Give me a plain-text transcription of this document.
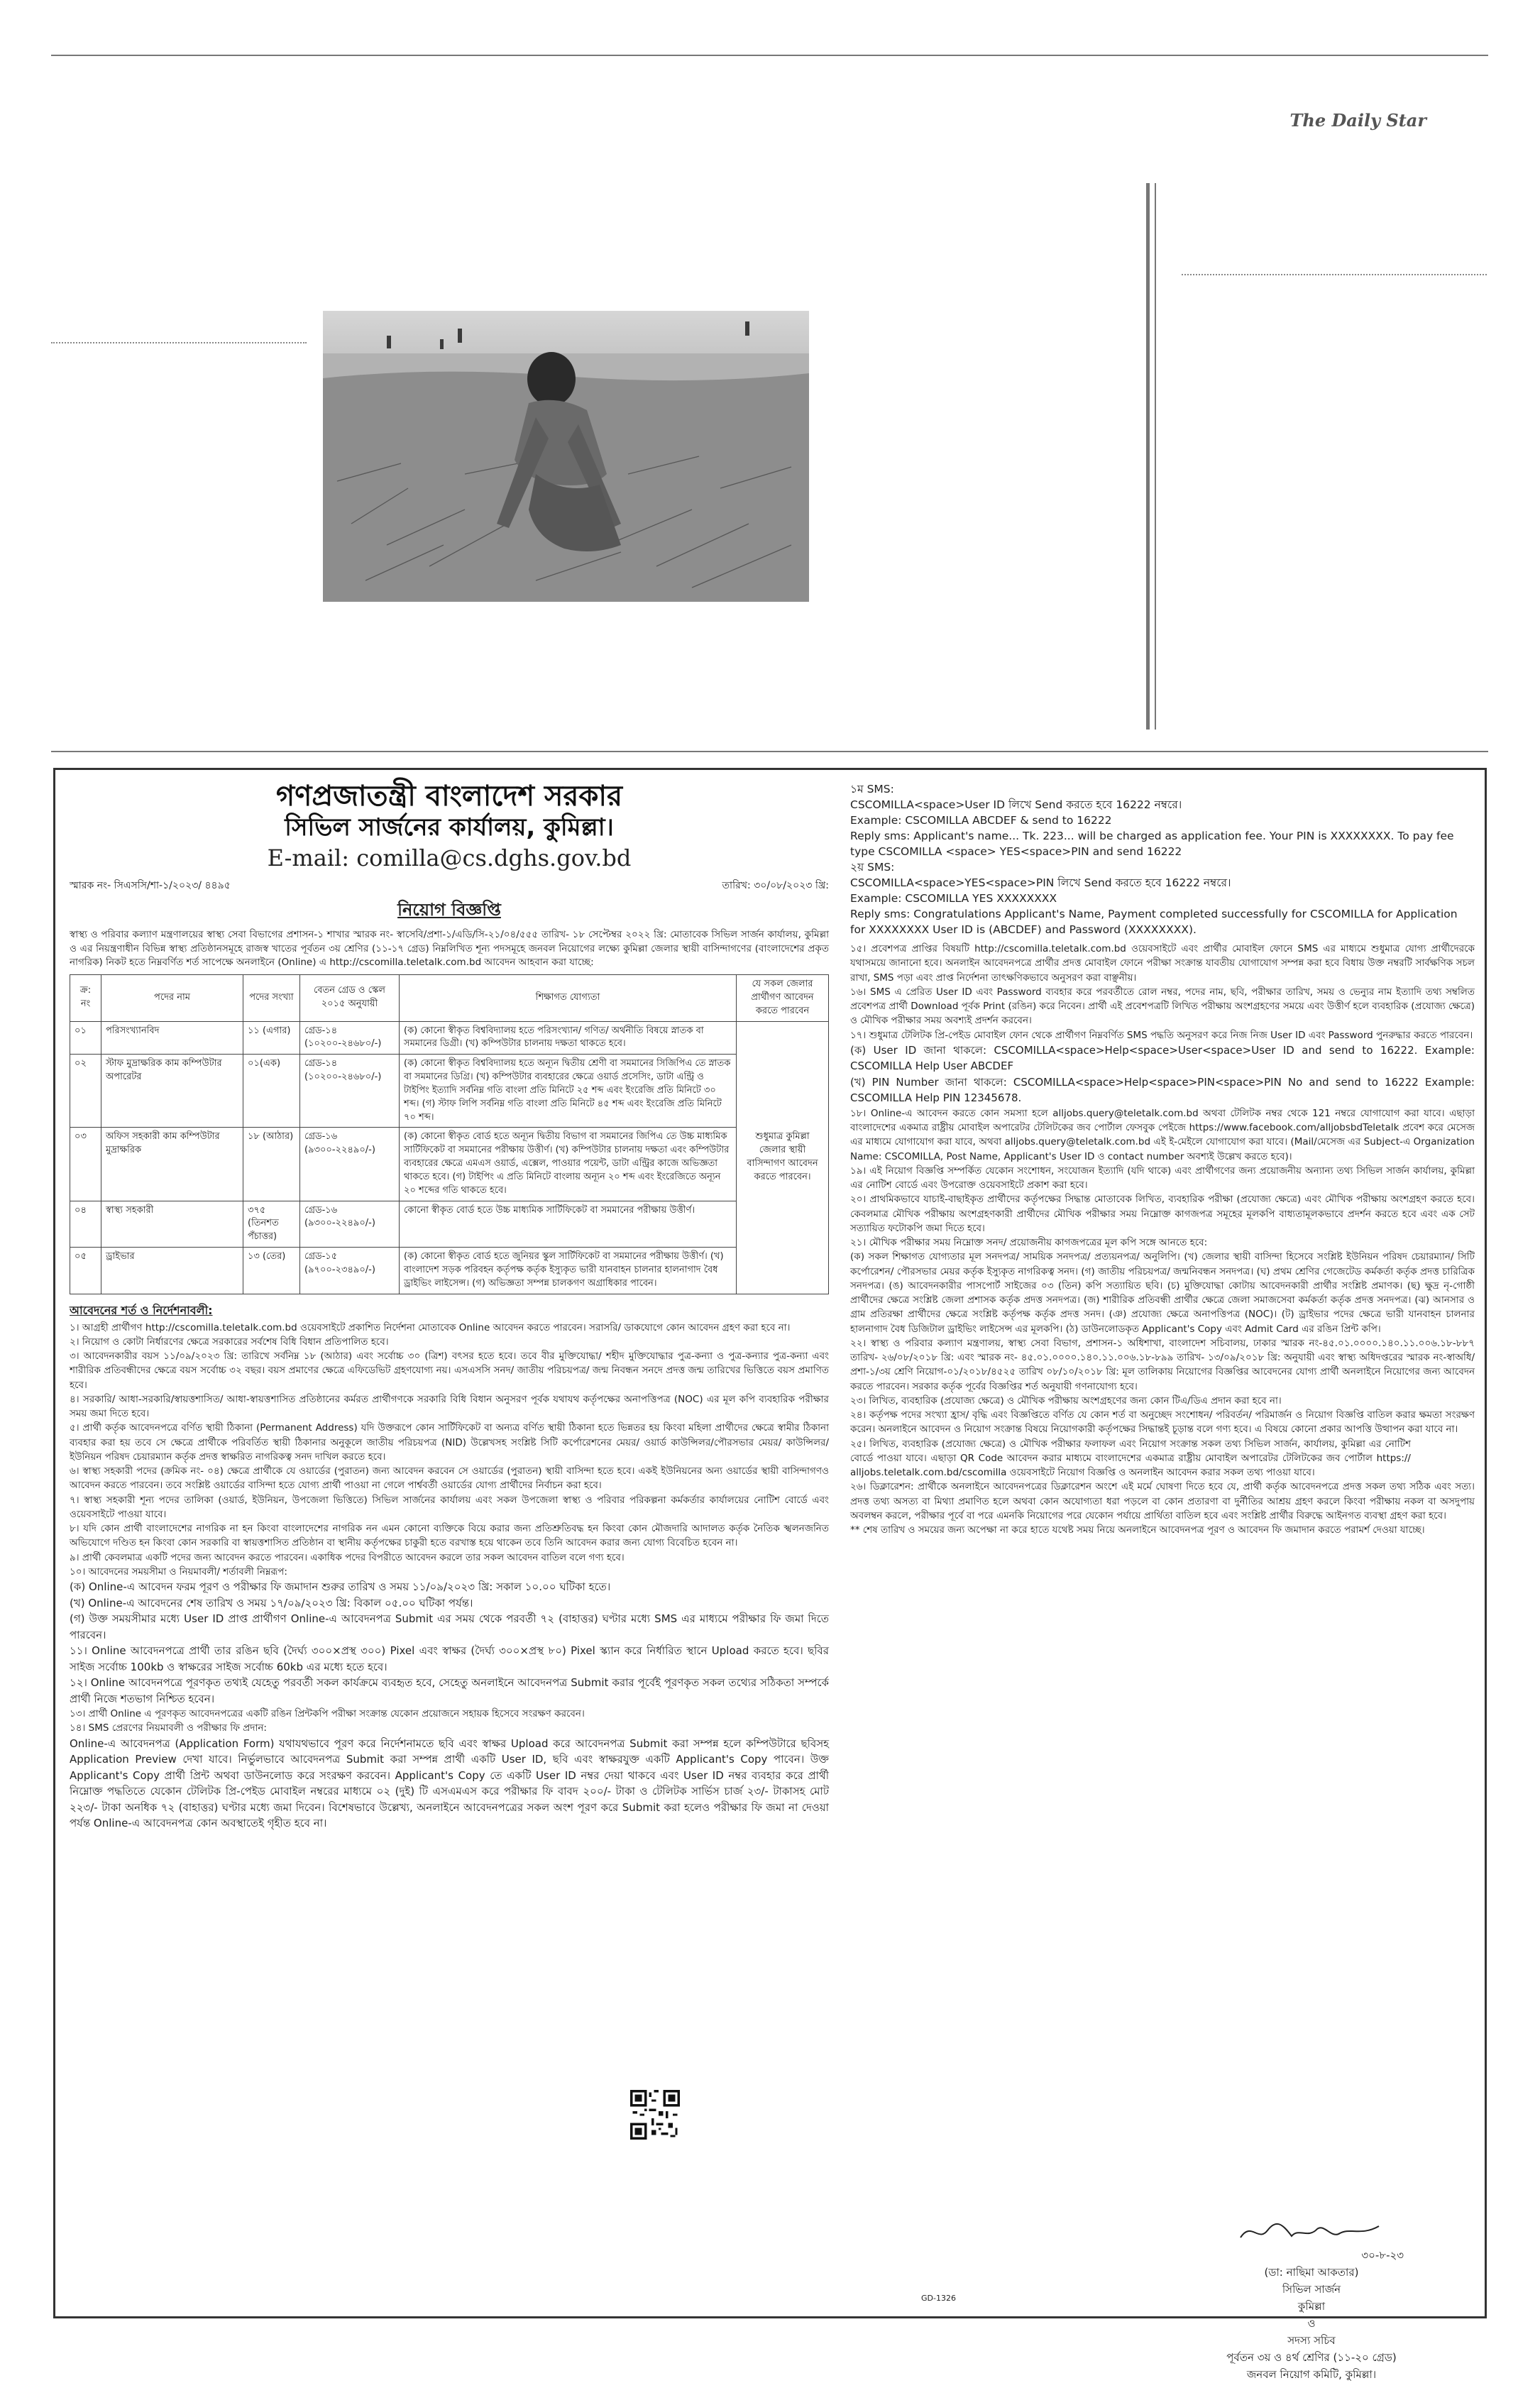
The Daily Star
গণপ্রজাতন্ত্রী বাংলাদেশ সরকার
সিভিল সার্জনের কার্যালয়, কুমিল্লা।
E-mail: comilla@cs.dghs.gov.bd
স্মারক নং- সিএসসি/শা-১/২০২৩/ ৪৪৯৫	তারিখ: ৩০/০৮/২০২৩ খ্রি:
নিয়োগ বিজ্ঞপ্তি
স্বাস্থ্য ও পরিবার কল্যাণ মন্ত্রণালয়ের স্বাস্থ্য সেবা বিভাগের প্রশাসন-১ শাখার স্মারক নং- স্বাসেবি/প্রশা-১/এডি/সি-২১/০৪/৫৫৫ তারিখ- ১৮ সেপ্টেম্বর ২০২২ খ্রি: মোতাবেক সিভিল সার্জন কার্যালয়, কুমিল্লা ও এর নিয়ন্ত্রণাধীন বিভিন্ন স্বাস্থ্য প্রতিষ্ঠানসমূহে রাজস্ব খাতের পূর্বতন ৩য় শ্রেণির (১১-১৭ গ্রেড) নিম্নলিখিত শূন্য পদসমূহে জনবল নিয়োগের লক্ষ্যে কুমিল্লা জেলার স্থায়ী বাসিন্দাগণের (বাংলাদেশের প্রকৃত নাগরিক) নিকট হতে নিম্নবর্ণিত শর্ত সাপেক্ষে অনলাইনে (Online) এ http://cscomilla.teletalk.com.bd আবেদন আহবান করা যাচ্ছে:
ক্র: নং	পদের নাম	পদের সংখ্যা	বেতন গ্রেড ও স্কেল ২০১৫ অনুযায়ী	শিক্ষাগত যোগ্যতা	যে সকল জেলার প্রার্থীগণ আবেদন করতে পারবেন
০১	পরিসংখ্যানবিদ	১১ (এগার)	গ্রেড-১৪ (১০২০০-২৪৬৮০/-)	(ক) কোনো স্বীকৃত বিশ্ববিদ্যালয় হতে পরিসংখ্যান/ গণিত/ অর্থনীতি বিষয়ে স্নাতক বা সমমানের ডিগ্রী। (খ) কম্পিউটার চালনায় দক্ষতা থাকতে হবে।	শুধুমাত্র কুমিল্লা জেলার স্থায়ী বাসিন্দাগণ আবেদন করতে পারবেন।
০২	স্টাফ মুদ্রাক্ষরিক কাম কম্পিউটার অপারেটর	০১(এক)	গ্রেড-১৪ (১০২০০-২৪৬৮০/-)	(ক) কোনো স্বীকৃত বিশ্ববিদ্যালয় হতে অন্যূন দ্বিতীয় শ্রেণী বা সমমানের সিজিপিএ তে স্নাতক বা সমমানের ডিগ্রি। (খ) কম্পিউটার ব্যবহারের ক্ষেত্রে ওয়ার্ড প্রসেসিং, ডাটা এন্ট্রি ও টাইপিং ইত্যাদি সর্বনিম্ন গতি বাংলা প্রতি মিনিটে ২৫ শব্দ এবং ইংরেজি প্রতি মিনিটে ৩০ শব্দ। (গ) স্টাফ লিপি সর্বনিম্ন গতি বাংলা প্রতি মিনিটে ৪৫ শব্দ এবং ইংরেজি প্রতি মিনিটে ৭০ শব্দ।	
০৩	অফিস সহকারী কাম কম্পিউটার মুদ্রাক্ষরিক	১৮ (আঠার)	গ্রেড-১৬ (৯৩০০-২২৪৯০/-)	(ক) কোনো স্বীকৃত বোর্ড হতে অন্যূন দ্বিতীয় বিভাগ বা সমমানের জিপিএ তে উচ্চ মাধ্যমিক সার্টিফিকেট বা সমমানের পরীক্ষায় উত্তীর্ণ। (খ) কম্পিউটার চালনায় দক্ষতা এবং কম্পিউটার ব্যবহারের ক্ষেত্রে এমএস ওয়ার্ড, এক্সেল, পাওয়ার পয়েন্ট, ডাটা এন্ট্রির কাজে অভিজ্ঞতা থাকতে হবে। (গ) টাইপিং এ প্রতি মিনিটে বাংলায় অন্যূন ২০ শব্দ এবং ইংরেজিতে অন্যূন ২০ শব্দের গতি থাকতে হবে।	
০৪	স্বাস্থ্য সহকারী	৩৭৫ (তিনশত পঁচাত্তর)	গ্রেড-১৬ (৯৩০০-২২৪৯০/-)	কোনো স্বীকৃত বোর্ড হতে উচ্চ মাধ্যমিক সার্টিফিকেট বা সমমানের পরীক্ষায় উত্তীর্ণ।	
০৫	ড্রাইভার	১৩ (তের)	গ্রেড-১৫ (৯৭০০-২৩৪৯০/-)	(ক) কোনো স্বীকৃত বোর্ড হতে জুনিয়র স্কুল সার্টিফিকেট বা সমমানের পরীক্ষায় উত্তীর্ণ। (খ) বাংলাদেশ সড়ক পরিবহন কর্তৃপক্ষ কর্তৃক ইস্যুকৃত ভারী যানবাহন চালনার হালনাগাদ বৈধ ড্রাইভিং লাইসেন্স। (গ) অভিজ্ঞতা সম্পন্ন চালকগণ অগ্রাধিকার পাবেন।	
আবেদনের শর্ত ও নির্দেশনাবলী:

১। আগ্রহী প্রার্থীগণ http://cscomilla.teletalk.com.bd ওয়েবসাইটে প্রকাশিত নির্দেশনা মোতাবেক Online আবেদন করতে পারবেন। সরাসরি/ ডাকযোগে কোন আবেদন গ্রহণ করা হবে না।

২। নিয়োগ ও কোটা নির্ধারণের ক্ষেত্রে সরকারের সর্বশেষ বিধি বিধান প্রতিপালিত হবে।

৩। আবেদনকারীর বয়স ১১/০৯/২০২৩ খ্রি: তারিখে সর্বনিম্ন ১৮ (আঠার) এবং সর্বোচ্চ ৩০ (ত্রিশ) বৎসর হতে হবে। তবে বীর মুক্তিযোদ্ধা/ শহীদ মুক্তিযোদ্ধার পুত্র-কন্যা ও পুত্র-কন্যার পুত্র-কন্যা এবং শারীরিক প্রতিবন্ধীদের ক্ষেত্রে বয়স সর্বোচ্চ ৩২ বছর। বয়স প্রমাণের ক্ষেত্রে এফিডেভিট গ্রহণযোগ্য নয়। এসএসসি সনদ/ জাতীয় পরিচয়পত্র/ জন্ম নিবন্ধন সনদে প্রদত্ত জন্ম তারিখের ভিত্তিতে বয়স প্রমাণিত হবে।

৪। সরকারি/ আধা-সরকারি/স্বায়ত্তশাসিত/ আধা-স্বায়ত্তশাসিত প্রতিষ্ঠানের কর্মরত প্রার্থীগণকে সরকারি বিধি বিধান অনুসরণ পূর্বক যথাযথ কর্তৃপক্ষের অনাপত্তিপত্র (NOC) এর মূল কপি ব্যবহারিক পরীক্ষার সময় জমা দিতে হবে।

৫। প্রার্থী কর্তৃক আবেদনপত্রে বর্ণিত স্থায়ী ঠিকানা (Permanent Address) যদি উক্তরূপে কোন সার্টিফিকেট বা অন্যত্র বর্ণিত স্থায়ী ঠিকানা হতে ভিন্নতর হয় কিংবা মহিলা প্রার্থীদের ক্ষেত্রে স্বামীর ঠিকানা ব্যবহার করা হয় তবে সে ক্ষেত্রে প্রার্থীকে পরিবর্তিত স্থায়ী ঠিকানার অনুকূলে জাতীয় পরিচয়পত্র (NID) উল্লেখসহ সংশ্লিষ্ট সিটি কর্পোরেশনের মেয়র/ ওয়ার্ড কাউন্সিলর/পৌরসভার মেয়র/ কাউন্সিলর/ ইউনিয়ন পরিষদ চেয়ারম্যান কর্তৃক প্রদত্ত স্বাক্ষরিত নাগরিকত্ব সনদ দাখিল করতে হবে।

৬। স্বাস্থ্য সহকারী পদের (ক্রমিক নং- ০৪) ক্ষেত্রে প্রার্থীকে যে ওয়ার্ডের (পুরাতন) জন্য আবেদন করবেন সে ওয়ার্ডের (পুরাতন) স্থায়ী বাসিন্দা হতে হবে। একই ইউনিয়নের অন্য ওয়ার্ডের স্থায়ী বাসিন্দাগণও আবেদন করতে পারবেন। তবে সংশ্লিষ্ট ওয়ার্ডের বাসিন্দা হতে যোগ্য প্রার্থী পাওয়া না গেলে পার্শ্ববর্তী ওয়ার্ডের যোগ্য প্রার্থীদের নির্বাচন করা হবে।

৭। স্বাস্থ্য সহকারী শূন্য পদের তালিকা (ওয়ার্ড, ইউনিয়ন, উপজেলা ভিত্তিতে) সিভিল সার্জনের কার্যালয় এবং সকল উপজেলা স্বাস্থ্য ও পরিবার পরিকল্পনা কর্মকর্তার কার্যালয়ের নোটিশ বোর্ডে এবং ওয়েবসাইটে পাওয়া যাবে।

৮। যদি কোন প্রার্থী বাংলাদেশের নাগরিক না হন কিংবা বাংলাদেশের নাগরিক নন এমন কোনো ব্যক্তিকে বিয়ে করার জন্য প্রতিশ্রুতিবদ্ধ হন কিংবা কোন মৌজদারি আদালত কর্তৃক নৈতিক স্খলনজনিত অভিযোগে দণ্ডিত হন কিংবা কোন সরকারি বা স্বায়ত্তশাসিত প্রতিষ্ঠান বা স্থানীয় কর্তৃপক্ষের চাকুরী হতে বরখাস্ত হয়ে থাকেন তবে তিনি আবেদন করার জন্য যোগ্য বিবেচিত হবেন না।

৯। প্রার্থী কেবলমাত্র একটি পদের জন্য আবেদন করতে পারবেন। একাধিক পদের বিপরীতে আবেদন করলে তার সকল আবেদন বাতিল বলে গণ্য হবে।

১০। আবেদনের সময়সীমা ও নিয়মাবলী/ শর্তাবলী নিম্নরূপ:

(ক) Online-এ আবেদন ফরম পূরণ ও পরীক্ষার ফি জমাদান শুরুর তারিখ ও সময় ১১/০৯/২০২৩ খ্রি: সকাল ১০.০০ ঘটিকা হতে।

(খ) Online-এ আবেদনের শেষ তারিখ ও সময় ১৭/০৯/২০২৩ খ্রি: বিকাল ০৫.০০ ঘটিকা পর্যন্ত।

(গ) উক্ত সময়সীমার মধ্যে User ID প্রাপ্ত প্রার্থীগণ Online-এ আবেদনপত্র Submit এর সময় থেকে পরবর্তী ৭২ (বাহাত্তর) ঘণ্টার মধ্যে SMS এর মাধ্যমে পরীক্ষার ফি জমা দিতে পারবেন।

১১। Online আবেদনপত্রে প্রার্থী তার রঙিন ছবি (দৈর্ঘ্য ৩০০×প্রস্থ ৩০০) Pixel এবং স্বাক্ষর (দৈর্ঘ্য ৩০০×প্রস্থ ৮০) Pixel স্ক্যান করে নির্ধারিত স্থানে Upload করতে হবে। ছবির সাইজ সর্বোচ্চ 100kb ও স্বাক্ষরের সাইজ সর্বোচ্চ 60kb এর মধ্যে হতে হবে।

১২। Online আবেদনপত্রে পূরণকৃত তথ্যই যেহেতু পরবর্তী সকল কার্যক্রমে ব্যবহৃত হবে, সেহেতু অনলাইনে আবেদনপত্র Submit করার পূর্বেই পূরণকৃত সকল তথ্যের সঠিকতা সম্পর্কে প্রার্থী নিজে শতভাগ নিশ্চিত হবেন।

১৩। প্রার্থী Online এ পূরণকৃত আবেদনপত্রের একটি রঙিন প্রিন্টকপি পরীক্ষা সংক্রান্ত যেকোন প্রয়োজনে সহায়ক হিসেবে সংরক্ষণ করবেন।

১৪। SMS প্রেরণের নিয়মাবলী ও পরীক্ষার ফি প্রদান:

Online-এ আবেদনপত্র (Application Form) যথাযথভাবে পূরণ করে নির্দেশনামতে ছবি এবং স্বাক্ষর Upload করে আবেদনপত্র Submit করা সম্পন্ন হলে কম্পিউটারে ছবিসহ Application Preview দেখা যাবে। নির্ভুলভাবে আবেদনপত্র Submit করা সম্পন্ন প্রার্থী একটি User ID, ছবি এবং স্বাক্ষরযুক্ত একটি Applicant's Copy পাবেন। উক্ত Applicant's Copy প্রার্থী প্রিন্ট অথবা ডাউনলোড করে সংরক্ষণ করবেন। Applicant's Copy তে একটি User ID নম্বর দেয়া থাকবে এবং User ID নম্বর ব্যবহার করে প্রার্থী নিম্নোক্ত পদ্ধতিতে যেকোন টেলিটক প্রি-পেইড মোবাইল নম্বরের মাধ্যমে ০২ (দুই) টি এসএমএস করে পরীক্ষার ফি বাবদ ২০০/- টাকা ও টেলিটক সার্ভিস চার্জ ২৩/- টাকাসহ মোট ২২৩/- টাকা অনধিক ৭২ (বাহাত্তর) ঘণ্টার মধ্যে জমা দিবেন। বিশেষভাবে উল্লেখ্য, অনলাইনে আবেদনপত্রের সকল অংশ পূরণ করে Submit করা হলেও পরীক্ষার ফি জমা না দেওয়া পর্যন্ত Online-এ আবেদনপত্র কোন অবস্থাতেই গৃহীত হবে না।

১ম SMS:

CSCOMILLA<space>User ID লিখে Send করতে হবে 16222 নম্বরে।

Example: CSCOMILLA ABCDEF & send to 16222

Reply sms: Applicant's name... Tk. 223... will be charged as application fee. Your PIN is XXXXXXXX. To pay fee type CSCOMILLA <space> YES<space>PIN and send 16222

২য় SMS:

CSCOMILLA<space>YES<space>PIN লিখে Send করতে হবে 16222 নম্বরে।

Example: CSCOMILLA YES XXXXXXXX

Reply sms: Congratulations Applicant's Name, Payment completed successfully for CSCOMILLA for Application for XXXXXXXX User ID is (ABCDEF) and Password (XXXXXXXX).

১৫। প্রবেশপত্র প্রাপ্তির বিষয়টি http://cscomilla.teletalk.com.bd ওয়েবসাইটে এবং প্রার্থীর মোবাইল ফোনে SMS এর মাধ্যমে শুধুমাত্র যোগ্য প্রার্থীদেরকে যথাসময়ে জানানো হবে। অনলাইন আবেদনপত্রে প্রার্থীর প্রদত্ত মোবাইল ফোনে পরীক্ষা সংক্রান্ত যাবতীয় যোগাযোগ সম্পন্ন করা হবে বিধায় উক্ত নম্বরটি সার্বক্ষণিক সচল রাখা, SMS পড়া এবং প্রাপ্ত নির্দেশনা তাৎক্ষণিকভাবে অনুসরণ করা বাঞ্ছনীয়।

১৬। SMS এ প্রেরিত User ID এবং Password ব্যবহার করে পরবর্তীতে রোল নম্বর, পদের নাম, ছবি, পরীক্ষার তারিখ, সময় ও ভেন্যুর নাম ইত্যাদি তথ্য সম্বলিত প্রবেশপত্র প্রার্থী Download পূর্বক Print (রঙিন) করে নিবেন। প্রার্থী এই প্রবেশপত্রটি লিখিত পরীক্ষায় অংশগ্রহণের সময়ে এবং উত্তীর্ণ হলে ব্যবহারিক (প্রযোজ্য ক্ষেত্রে) ও মৌখিক পরীক্ষার সময় অবশ্যই প্রদর্শন করবেন।

১৭। শুধুমাত্র টেলিটক প্রি-পেইড মোবাইল ফোন থেকে প্রার্থীগণ নিম্নবর্ণিত SMS পদ্ধতি অনুসরণ করে নিজ নিজ User ID এবং Password পুনরুদ্ধার করতে পারবেন।

(ক) User ID জানা থাকলে: CSCOMILLA<space>Help<space>User<space>User ID and send to 16222. Example: CSCOMILLA Help User ABCDEF

(খ) PIN Number জানা থাকলে: CSCOMILLA<space>Help<space>PIN<space>PIN No and send to 16222 Example: CSCOMILLA Help PIN 12345678.

১৮। Online-এ আবেদন করতে কোন সমস্যা হলে alljobs.query@teletalk.com.bd অথবা টেলিটক নম্বর থেকে 121 নম্বরে যোগাযোগ করা যাবে। এছাড়া বাংলাদেশের একমাত্র রাষ্ট্রীয় মোবাইল অপারেটর টেলিটকের জব পোর্টাল ফেসবুক পেইজে https://www.facebook.com/alljobsbdTeletalk প্রবেশ করে মেসেজ এর মাধ্যমে যোগাযোগ করা যাবে, অথবা alljobs.query@teletalk.com.bd এই ই-মেইলে যোগাযোগ করা যাবে। (Mail/মেসেজ এর Subject-এ Organization Name: CSCOMILLA, Post Name, Applicant's User ID ও contact number অবশ্যই উল্লেখ করতে হবে)।

১৯। এই নিয়োগ বিজ্ঞপ্তি সম্পর্কিত যেকোন সংশোধন, সংযোজন ইত্যাদি (যদি থাকে) এবং প্রার্থীগণের জন্য প্রয়োজনীয় অন্যান্য তথ্য সিভিল সার্জন কার্যালয়, কুমিল্লা এর নোটিশ বোর্ডে এবং উপরোক্ত ওয়েবসাইটে প্রকাশ করা হবে।

২০। প্রাথমিকভাবে যাচাই-বাছাইকৃত প্রার্থীদের কর্তৃপক্ষের সিদ্ধান্ত মোতাবেক লিখিত, ব্যবহারিক পরীক্ষা (প্রযোজ্য ক্ষেত্রে) এবং মৌখিক পরীক্ষায় অংশগ্রহণ করতে হবে। কেবলমাত্র মৌখিক পরীক্ষায় অংশগ্রহণকারী প্রার্থীদের মৌখিক পরীক্ষার সময় নিম্নোক্ত কাগজপত্র সমূহের মূলকপি বাধ্যতামূলকভাবে প্রদর্শন করতে হবে এবং এক সেট সত্যায়িত ফটোকপি জমা দিতে হবে।

২১। মৌখিক পরীক্ষার সময় নিম্নোক্ত সনদ/ প্রয়োজনীয় কাগজপত্রের মূল কপি সঙ্গে আনতে হবে:

(ক) সকল শিক্ষাগত যোগ্যতার মূল সনদপত্র/ সাময়িক সনদপত্র/ প্রত্যয়নপত্র/ অনুলিপি। (খ) জেলার স্থায়ী বাসিন্দা হিসেবে সংশ্লিষ্ট ইউনিয়ন পরিষদ চেয়ারম্যান/ সিটি কর্পোরেশন/ পৌরসভার মেয়র কর্তৃক ইস্যুকৃত নাগরিকত্ব সনদ। (গ) জাতীয় পরিচয়পত্র/ জন্মনিবন্ধন সনদপত্র। (ঘ) প্রথম শ্রেণির গেজেটেড কর্মকর্তা কর্তৃক প্রদত্ত চারিত্রিক সনদপত্র। (ঙ) আবেদনকারীর পাসপোর্ট সাইজের ০৩ (তিন) কপি সত্যায়িত ছবি। (চ) মুক্তিযোদ্ধা কোটায় আবেদনকারী প্রার্থীর সংশ্লিষ্ট প্রমাণক। (ছ) ক্ষুদ্র নৃ-গোষ্ঠী প্রার্থীদের ক্ষেত্রে সংশ্লিষ্ট জেলা প্রশাসক কর্তৃক প্রদত্ত সনদপত্র। (জ) শারীরিক প্রতিবন্ধী প্রার্থীর ক্ষেত্রে জেলা সমাজসেবা কর্মকর্তা কর্তৃক প্রদত্ত সনদপত্র। (ঝ) আনসার ও গ্রাম প্রতিরক্ষা প্রার্থীদের ক্ষেত্রে সংশ্লিষ্ট কর্তৃপক্ষ কর্তৃক প্রদত্ত সনদ। (ঞ) প্রযোজ্য ক্ষেত্রে অনাপত্তিপত্র (NOC)। (ট) ড্রাইভার পদের ক্ষেত্রে ভারী যানবাহন চালনার হালনাগাদ বৈধ ডিজিটাল ড্রাইভিং লাইসেন্স এর মূলকপি। (ঠ) ডাউনলোডকৃত Applicant's Copy এবং Admit Card এর রঙিন প্রিন্ট কপি।

২২। স্বাস্থ্য ও পরিবার কল্যাণ মন্ত্রণালয়, স্বাস্থ্য সেবা বিভাগ, প্রশাসন-১ অধিশাখা, বাংলাদেশ সচিবালয়, ঢাকার স্মারক নং-৪৫.০১.০০০০.১৪০.১১.০০৬.১৮-৮৮৭ তারিখ- ২৬/০৮/২০১৮ খ্রি: এবং স্মারক নং- ৪৫.০১.০০০০.১৪০.১১.০০৬.১৮-৮৯৯ তারিখ- ১৩/০৯/২০১৮ খ্রি: অনুযায়ী এবং স্বাস্থ্য অধিদপ্তরের স্মারক নং-স্বাঅধি/প্রশা-১/৩য় শ্রেণি নিয়োগ-০১/২০১৮/৪৫২৫ তারিখ ০৮/১০/২০১৮ খ্রি: মূল তালিকায় নিয়োগের বিজ্ঞপ্তির আবেদনের যোগ্য প্রার্থী অনলাইনে নিয়োগের জন্য আবেদন করতে পারবেন। সরকার কর্তৃক পূর্বের বিজ্ঞপ্তির শর্ত অনুযায়ী গণনাযোগ্য হবে।

২৩। লিখিত, ব্যবহারিক (প্রযোজ্য ক্ষেত্রে) ও মৌখিক পরীক্ষায় অংশগ্রহণের জন্য কোন টিএ/ডিএ প্রদান করা হবে না।

২৪। কর্তৃপক্ষ পদের সংখ্যা হ্রাস/ বৃদ্ধি এবং বিজ্ঞপ্তিতে বর্ণিত যে কোন শর্ত বা অনুচ্ছেদ সংশোধন/ পরিবর্তন/ পরিমার্জন ও নিয়োগ বিজ্ঞপ্তি বাতিল করার ক্ষমতা সংরক্ষণ করেন। অনলাইনে আবেদন ও নিয়োগ সংক্রান্ত বিষয়ে নিয়োগকারী কর্তৃপক্ষের সিদ্ধান্তই চূড়ান্ত বলে গণ্য হবে। এ বিষয়ে কোনো প্রকার আপত্তি উত্থাপন করা যাবে না।

২৫। লিখিত, ব্যবহারিক (প্রযোজ্য ক্ষেত্রে) ও মৌখিক পরীক্ষার ফলাফল এবং নিয়োগ সংক্রান্ত সকল তথ্য সিভিল সার্জন, কার্যালয়, কুমিল্লা এর নোটিশ বোর্ডে পাওয়া যাবে। এছাড়া QR Code আবেদন করার মাধ্যমে বাংলাদেশের একমাত্র রাষ্ট্রীয় মোবাইল অপারেটর টেলিটকের জব পোর্টাল https:// alljobs.teletalk.com.bd/cscomilla ওয়েবসাইটে নিয়োগ বিজ্ঞপ্তি ও অনলাইন আবেদন করার সকল তথ্য পাওয়া যাবে।

২৬। ডিক্লারেশন: প্রার্থীকে অনলাইনে আবেদনপত্রের ডিক্লারেশন অংশে এই মর্মে ঘোষণা দিতে হবে যে, প্রার্থী কর্তৃক আবেদনপত্রে প্রদত্ত সকল তথ্য সঠিক এবং সত্য। প্রদত্ত তথ্য অসত্য বা মিথ্যা প্রমাণিত হলে অথবা কোন অযোগ্যতা ধরা পড়লে বা কোন প্রতারণা বা দুর্নীতির আশ্রয় গ্রহণ করলে কিংবা পরীক্ষায় নকল বা অসদুপায় অবলম্বন করলে, পরীক্ষার পূর্বে বা পরে এমনকি নিয়োগের পরে যেকোন পর্যায়ে প্রার্থিতা বাতিল হবে এবং সংশ্লিষ্ট প্রার্থীর বিরুদ্ধে আইনগত ব্যবস্থা গ্রহণ করা হবে।

** শেষ তারিখ ও সময়ের জন্য অপেক্ষা না করে হাতে যথেষ্ট সময় নিয়ে অনলাইনে আবেদনপত্র পূরণ ও আবেদন ফি জমাদান করতে পরামর্শ দেওয়া যাচ্ছে।

৩০-৮-২৩
(ডা: নাছিমা আকতার)
সিভিল সার্জন
কুমিল্লা
ও
সদস্য সচিব
পূর্বতন ৩য় ও ৪র্থ শ্রেণির (১১-২০ গ্রেড)
জনবল নিয়োগ কমিটি, কুমিল্লা।
GD-1326
